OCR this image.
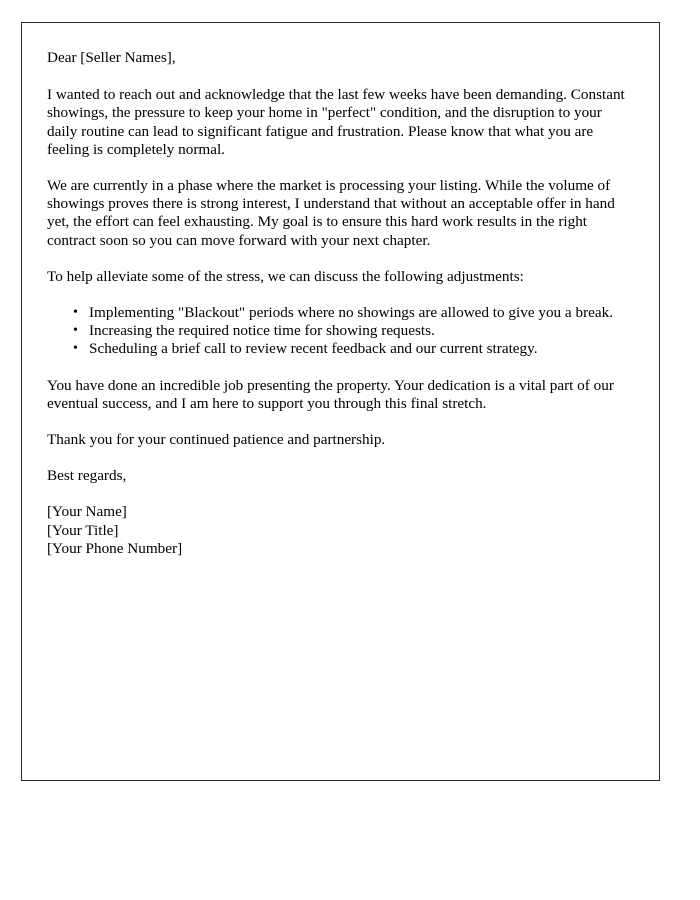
Dear [Seller Names],

I wanted to reach out and acknowledge that the last few weeks have been demanding. Constant showings, the pressure to keep your home in "perfect" condition, and the disruption to your daily routine can lead to significant fatigue and frustration. Please know that what you are feeling is completely normal.

We are currently in a phase where the market is processing your listing. While the volume of showings proves there is strong interest, I understand that without an acceptable offer in hand yet, the effort can feel exhausting. My goal is to ensure this hard work results in the right contract soon so you can move forward with your next chapter.

To help alleviate some of the stress, we can discuss the following adjustments:

• Implementing "Blackout" periods where no showings are allowed to give you a break.
• Increasing the required notice time for showing requests.
• Scheduling a brief call to review recent feedback and our current strategy.

You have done an incredible job presenting the property. Your dedication is a vital part of our eventual success, and I am here to support you through this final stretch.

Thank you for your continued patience and partnership.

Best regards,

[Your Name]

[Your Title]

[Your Phone Number]
